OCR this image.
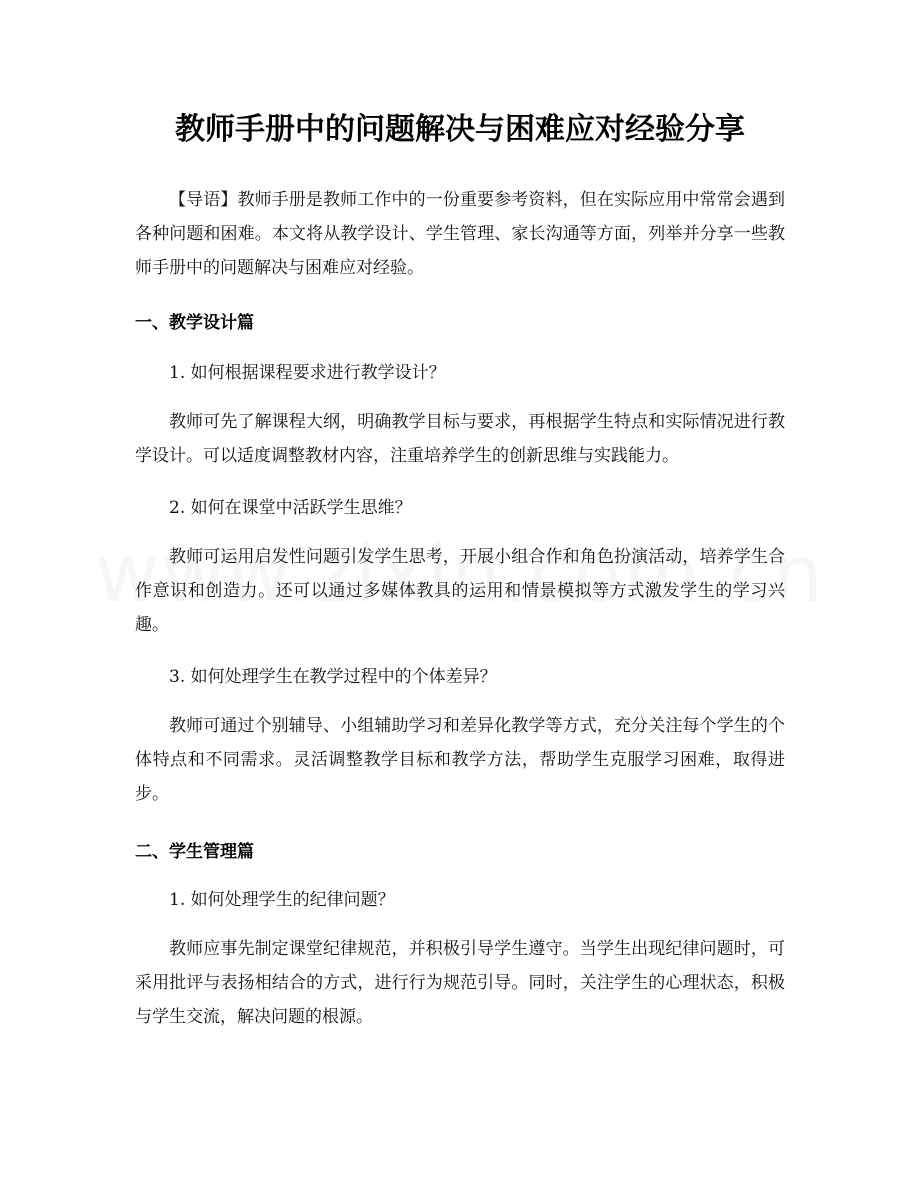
教师手册中的问题解决与困难应对经验分享

【导语】教师手册是教师工作中的一份重要参考资料，但在实际应用中常常会遇到各种问题和困难。本文将从教学设计、学生管理、家长沟通等方面，列举并分享一些教师手册中的问题解决与困难应对经验。

一、教学设计篇
1. 如何根据课程要求进行教学设计？

教师可先了解课程大纲，明确教学目标与要求，再根据学生特点和实际情况进行教学设计。可以适度调整教材内容，注重培养学生的创新思维与实践能力。

2. 如何在课堂中活跃学生思维？

教师可运用启发性问题引发学生思考，开展小组合作和角色扮演活动，培养学生合作意识和创造力。还可以通过多媒体教具的运用和情景模拟等方式激发学生的学习兴趣。

3. 如何处理学生在教学过程中的个体差异？

教师可通过个别辅导、小组辅助学习和差异化教学等方式，充分关注每个学生的个体特点和不同需求。灵活调整教学目标和教学方法，帮助学生克服学习困难，取得进步。

二、学生管理篇
1. 如何处理学生的纪律问题？

教师应事先制定课堂纪律规范，并积极引导学生遵守。当学生出现纪律问题时，可采用批评与表扬相结合的方式，进行行为规范引导。同时，关注学生的心理状态，积极与学生交流，解决问题的根源。
